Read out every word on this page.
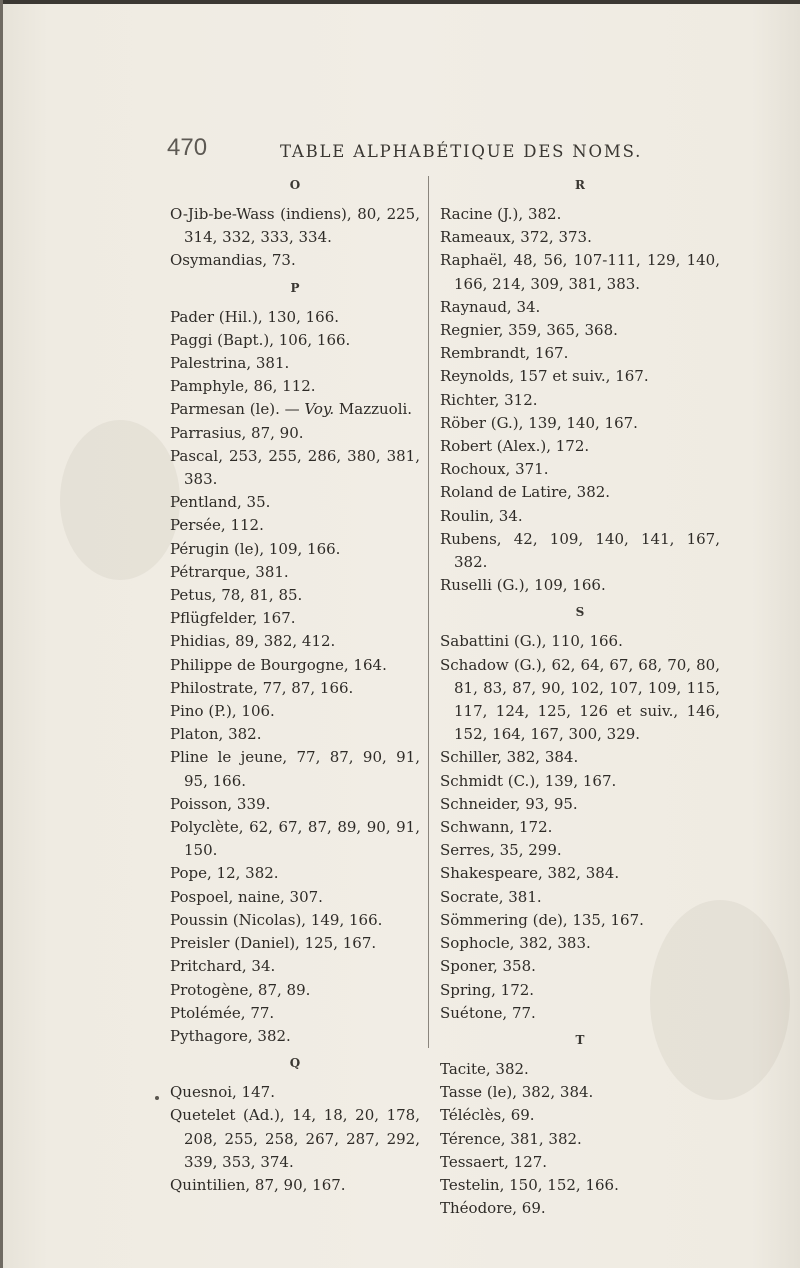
470	TABLE ALPHABÉTIQUE DES NOMS.
O
O-Jib-be-Wass (indiens), 80, 225, 314, 332, 333, 334.
Osymandias, 73.
P
Pader (Hil.), 130, 166.
Paggi (Bapt.), 106, 166.
Palestrina, 381.
Pamphyle, 86, 112.
Parmesan (le). — Voy. Mazzuoli.
Parrasius, 87, 90.
Pascal, 253, 255, 286, 380, 381, 383.
Pentland, 35.
Persée, 112.
Pérugin (le), 109, 166.
Pétrarque, 381.
Petus, 78, 81, 85.
Pflügfelder, 167.
Phidias, 89, 382, 412.
Philippe de Bourgogne, 164.
Philostrate, 77, 87, 166.
Pino (P.), 106.
Platon, 382.
Pline le jeune, 77, 87, 90, 91, 95, 166.
Poisson, 339.
Polyclète, 62, 67, 87, 89, 90, 91, 150.
Pope, 12, 382.
Pospoel, naine, 307.
Poussin (Nicolas), 149, 166.
Preisler (Daniel), 125, 167.
Pritchard, 34.
Protogène, 87, 89.
Ptolémée, 77.
Pythagore, 382.
Q
Quesnoi, 147.
Quetelet (Ad.), 14, 18, 20, 178, 208, 255, 258, 267, 287, 292, 339, 353, 374.
Quintilien, 87, 90, 167.
R
Racine (J.), 382.
Rameaux, 372, 373.
Raphaël, 48, 56, 107-111, 129, 140, 166, 214, 309, 381, 383.
Raynaud, 34.
Regnier, 359, 365, 368.
Rembrandt, 167.
Reynolds, 157 et suiv., 167.
Richter, 312.
Röber (G.), 139, 140, 167.
Robert (Alex.), 172.
Rochoux, 371.
Roland de Latire, 382.
Roulin, 34.
Rubens, 42, 109, 140, 141, 167, 382.
Ruselli (G.), 109, 166.
S
Sabattini (G.), 110, 166.
Schadow (G.), 62, 64, 67, 68, 70, 80, 81, 83, 87, 90, 102, 107, 109, 115, 117, 124, 125, 126 et suiv., 146, 152, 164, 167, 300, 329.
Schiller, 382, 384.
Schmidt (C.), 139, 167.
Schneider, 93, 95.
Schwann, 172.
Serres, 35, 299.
Shakespeare, 382, 384.
Socrate, 381.
Sömmering (de), 135, 167.
Sophocle, 382, 383.
Sponer, 358.
Spring, 172.
Suétone, 77.
T
Tacite, 382.
Tasse (le), 382, 384.
Téléclès, 69.
Térence, 381, 382.
Tessaert, 127.
Testelin, 150, 152, 166.
Théodore, 69.
